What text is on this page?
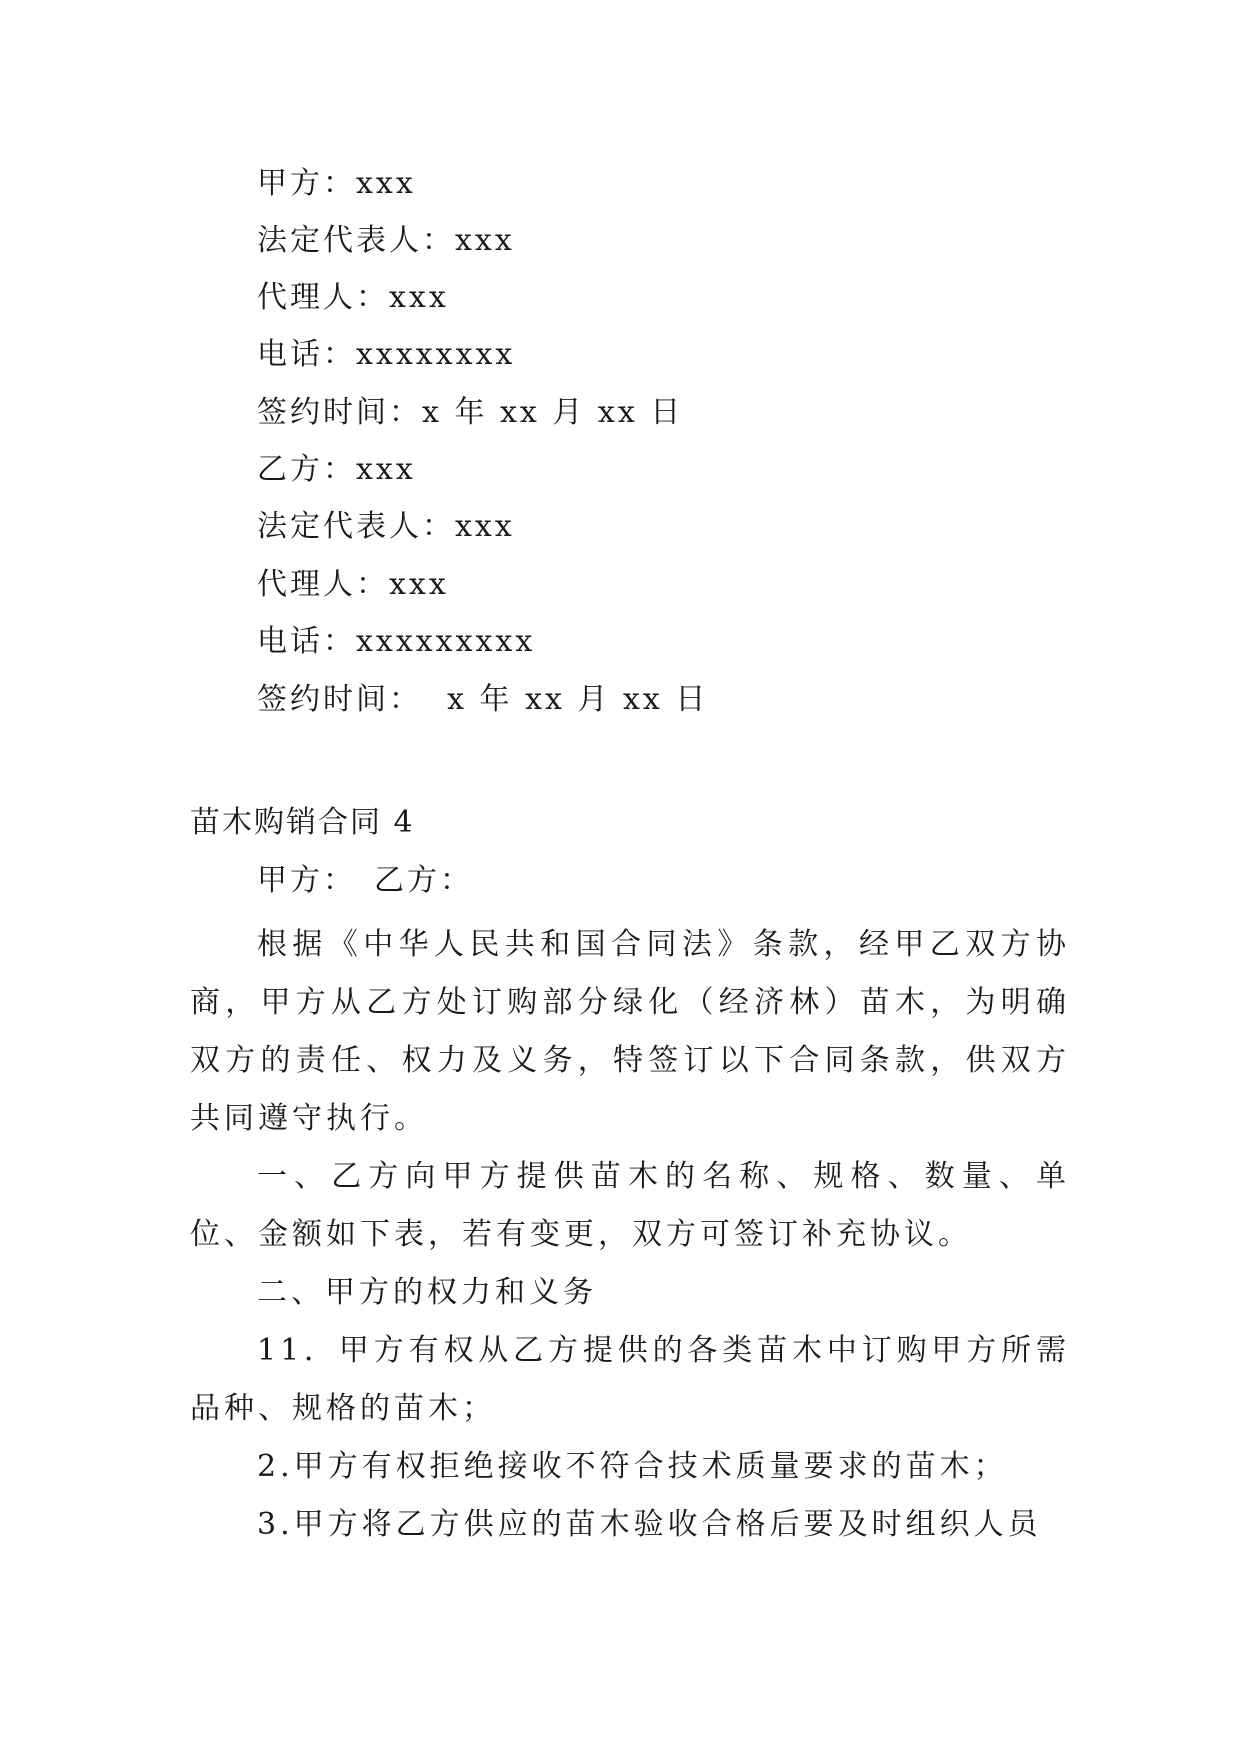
甲方：xxx
法定代表人：xxx
代理人：xxx
电话：xxxxxxxx
签约时间：x 年 xx 月 xx 日
乙方：xxx
法定代表人：xxx
代理人：xxx
电话：xxxxxxxxx
签约时间：  x 年 xx 月 xx 日
苗木购销合同 4
甲方：　乙方：

根据《中华人民共和国合同法》条款，经甲乙双方协商，甲方从乙方处订购部分绿化（经济林）苗木，为明确双方的责任、权力及义务，特签订以下合同条款，供双方共同遵守执行。

一、乙方向甲方提供苗木的名称、规格、数量、单位、金额如下表，若有变更，双方可签订补充协议。

二、甲方的权力和义务

11．甲方有权从乙方提供的各类苗木中订购甲方所需品种、规格的苗木；

2.甲方有权拒绝接收不符合技术质量要求的苗木；

3.甲方将乙方供应的苗木验收合格后要及时组织人员
